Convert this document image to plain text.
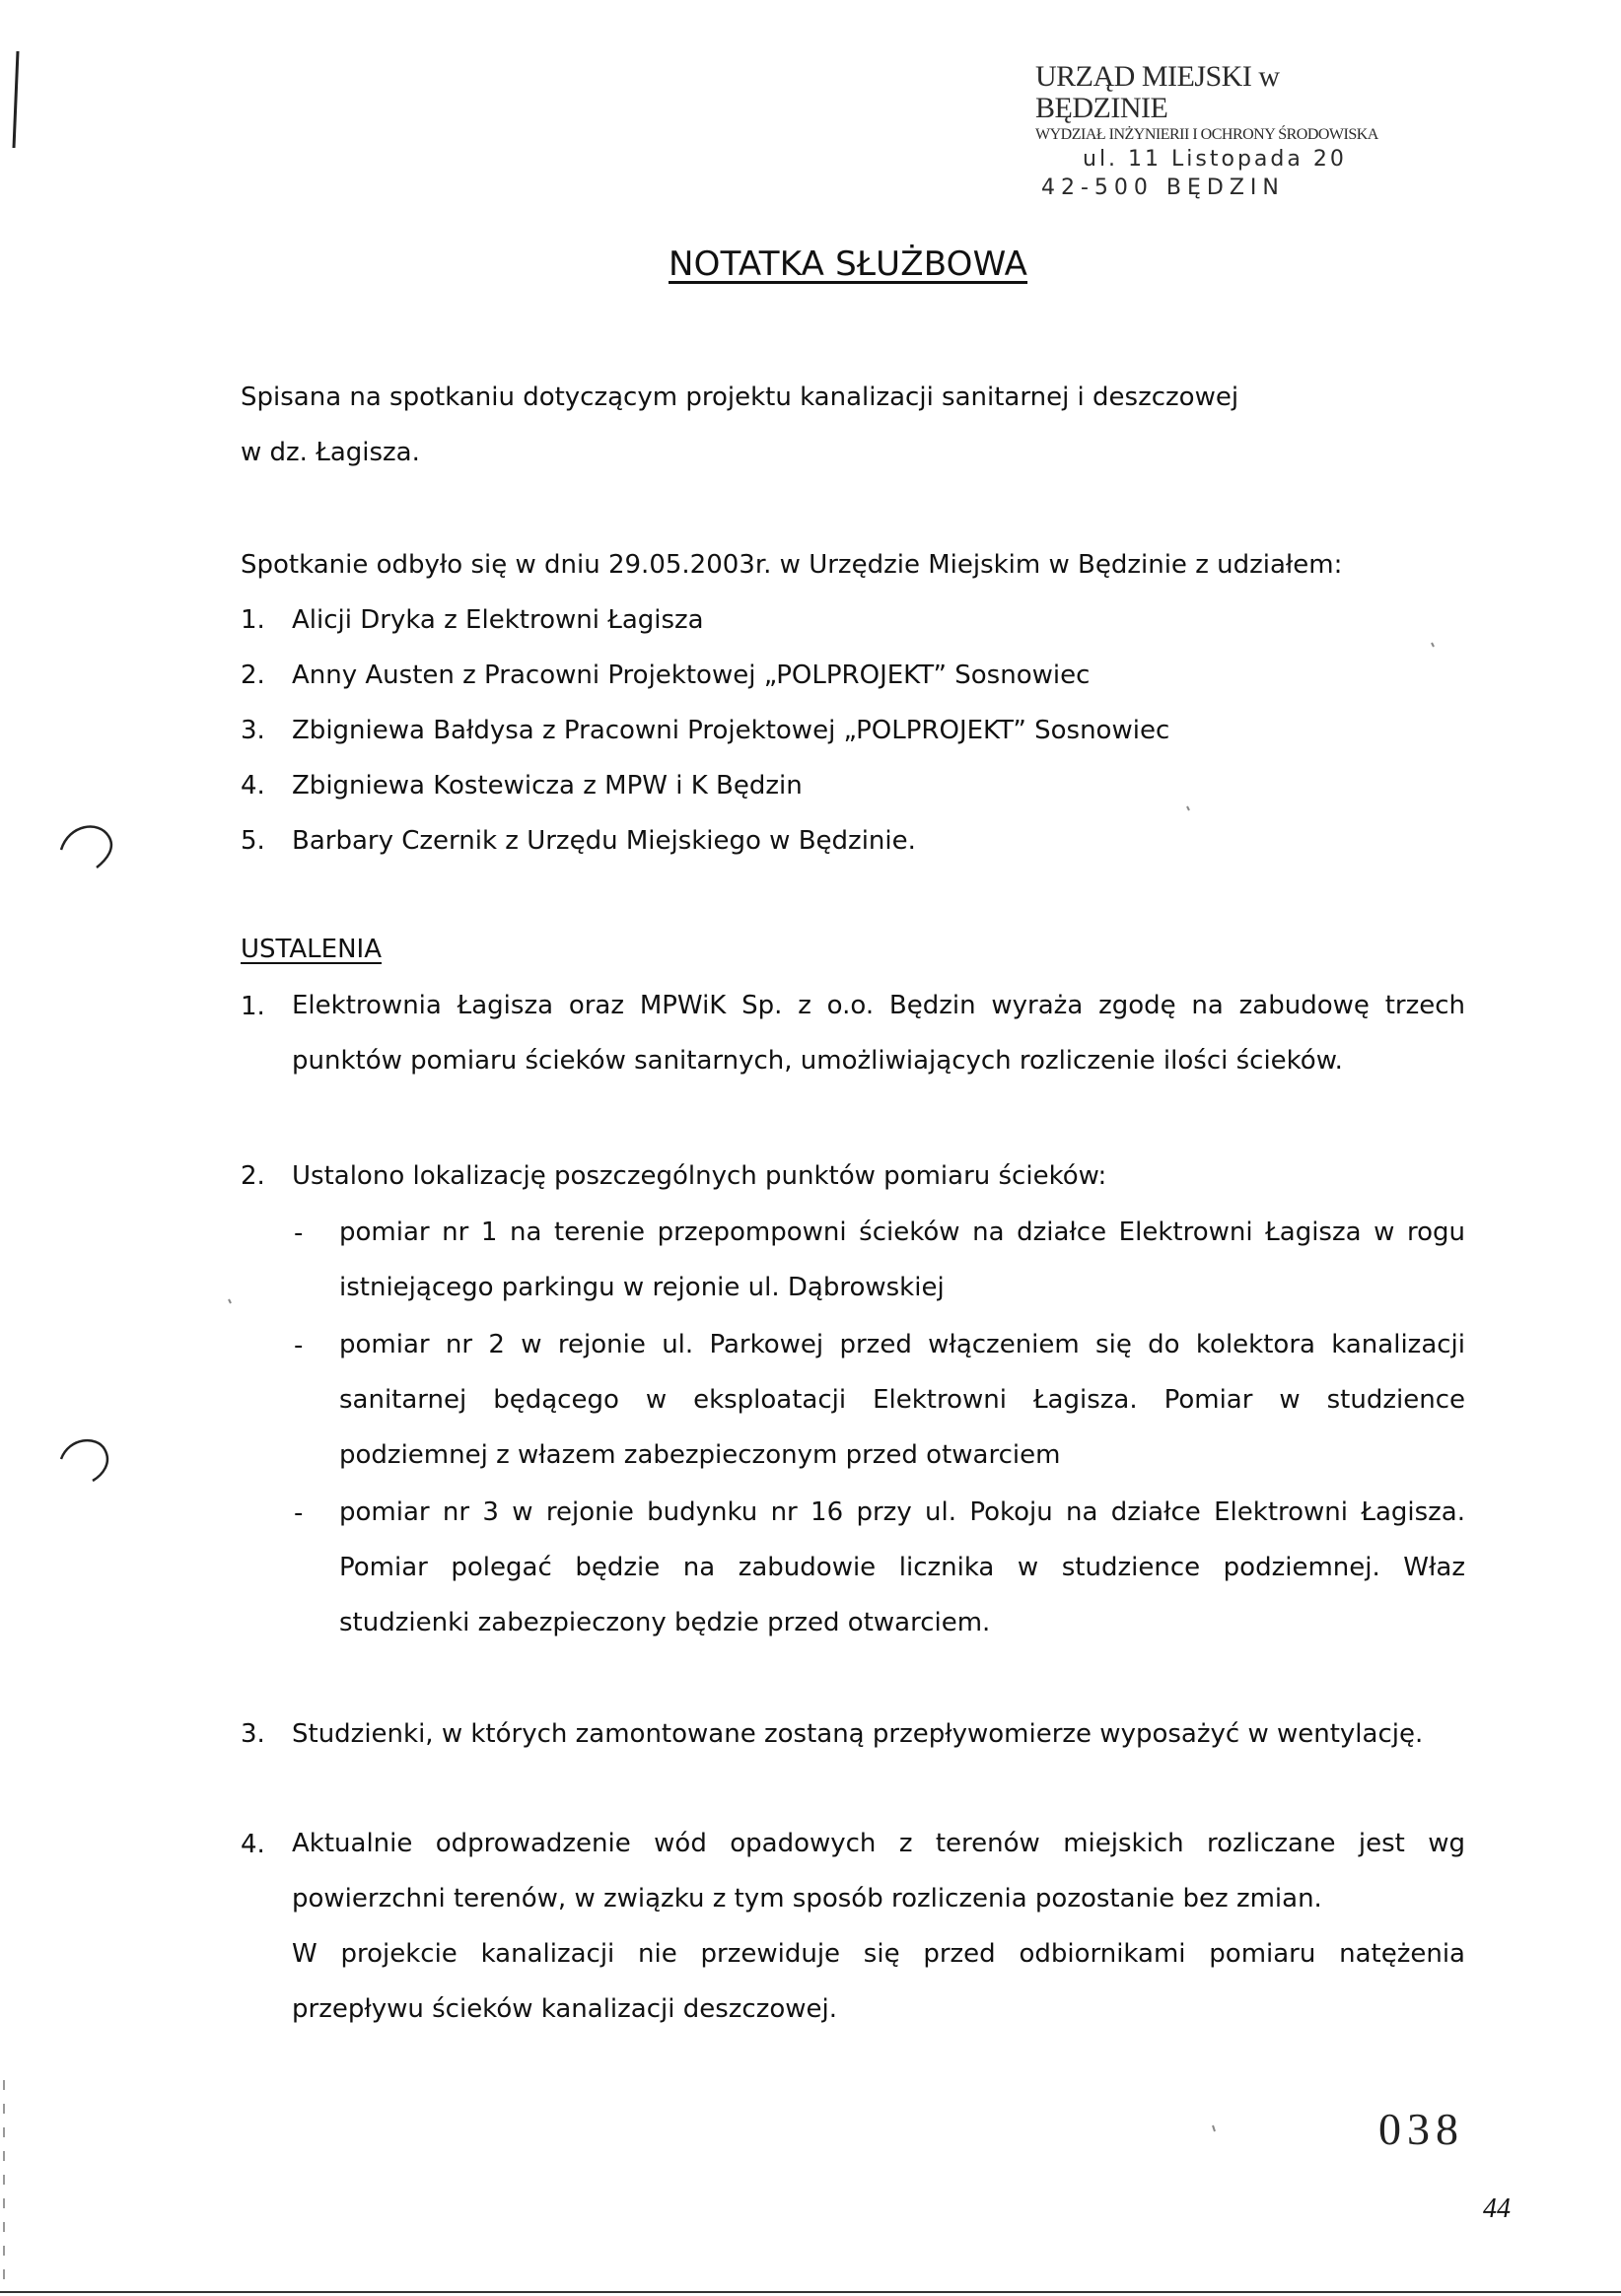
URZĄD MIEJSKI w BĘDZINIE
WYDZIAŁ INŻYNIERII I OCHRONY ŚRODOWISKA
ul. 11 Listopada 20
42-500 BĘDZIN
NOTATKA SŁUŻBOWA
Spisana na spotkaniu dotyczącym projektu kanalizacji sanitarnej i deszczowej
w dz. Łagisza.
Spotkanie odbyło się w dniu 29.05.2003r. w Urzędzie Miejskim w Będzinie z udziałem:
1. Alicji Dryka z Elektrowni Łagisza
2. Anny Austen z Pracowni Projektowej „POLPROJEKT” Sosnowiec
3. Zbigniewa Bałdysa z Pracowni Projektowej „POLPROJEKT” Sosnowiec
4. Zbigniewa Kostewicza z MPW i K Będzin
5. Barbary Czernik z Urzędu Miejskiego w Będzinie.
USTALENIA
1. Elektrownia Łagisza oraz MPWiK Sp. z o.o. Będzin wyraża zgodę na zabudowę trzech
punktów pomiaru ścieków sanitarnych, umożliwiających rozliczenie ilości ścieków.
2. Ustalono lokalizację poszczególnych punktów pomiaru ścieków:
- pomiar nr 1 na terenie przepompowni ścieków na działce Elektrowni Łagisza w rogu
istniejącego parkingu w rejonie ul. Dąbrowskiej
- pomiar nr 2 w rejonie ul. Parkowej przed włączeniem się do kolektora kanalizacji
sanitarnej będącego w eksploatacji Elektrowni Łagisza. Pomiar w studzience
podziemnej z włazem zabezpieczonym przed otwarciem
- pomiar nr 3 w rejonie budynku nr 16 przy ul. Pokoju na działce Elektrowni Łagisza.
Pomiar polegać będzie na zabudowie licznika w studzience podziemnej. Właz
studzienki zabezpieczony będzie przed otwarciem.
3. Studzienki, w których zamontowane zostaną przepływomierze wyposażyć w wentylację.
4. Aktualnie odprowadzenie wód opadowych z terenów miejskich rozliczane jest wg
powierzchni terenów, w związku z tym sposób rozliczenia pozostanie bez zmian.
W projekcie kanalizacji nie przewiduje się przed odbiornikami pomiaru natężenia
przepływu ścieków kanalizacji deszczowej.
038
44
